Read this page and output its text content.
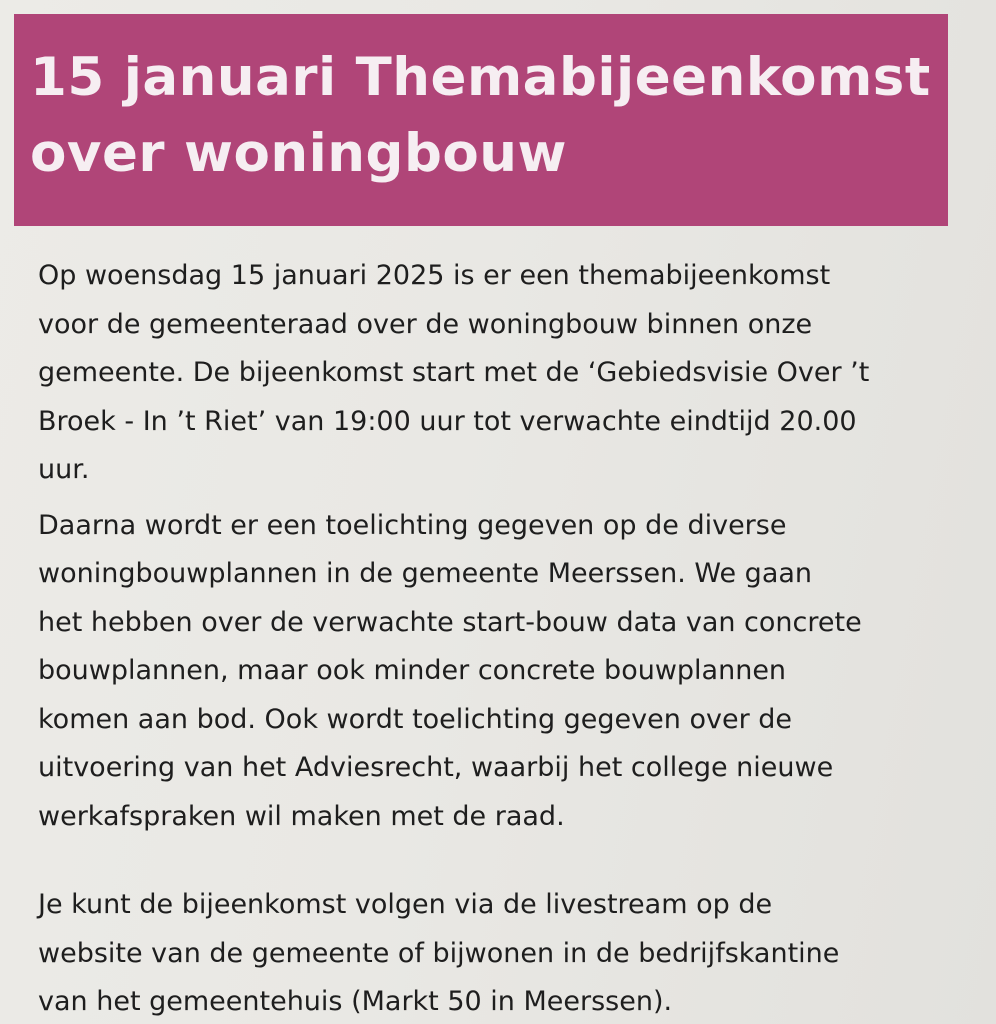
15 januari Themabijeenkomst
over woningbouw

Op woensdag 15 januari 2025 is er een themabijeenkomst
voor de gemeenteraad over de woningbouw binnen onze
gemeente. De bijeenkomst start met de ‘Gebiedsvisie Over ’t
Broek - In ’t Riet’ van 19:00 uur tot verwachte eindtijd 20.00
uur.

Daarna wordt er een toelichting gegeven op de diverse
woningbouwplannen in de gemeente Meerssen. We gaan
het hebben over de verwachte start-bouw data van concrete
bouwplannen, maar ook minder concrete bouwplannen
komen aan bod. Ook wordt toelichting gegeven over de
uitvoering van het Adviesrecht, waarbij het college nieuwe
werkafspraken wil maken met de raad.

Je kunt de bijeenkomst volgen via de livestream op de
website van de gemeente of bijwonen in de bedrijfskantine
van het gemeentehuis (Markt 50 in Meerssen).
